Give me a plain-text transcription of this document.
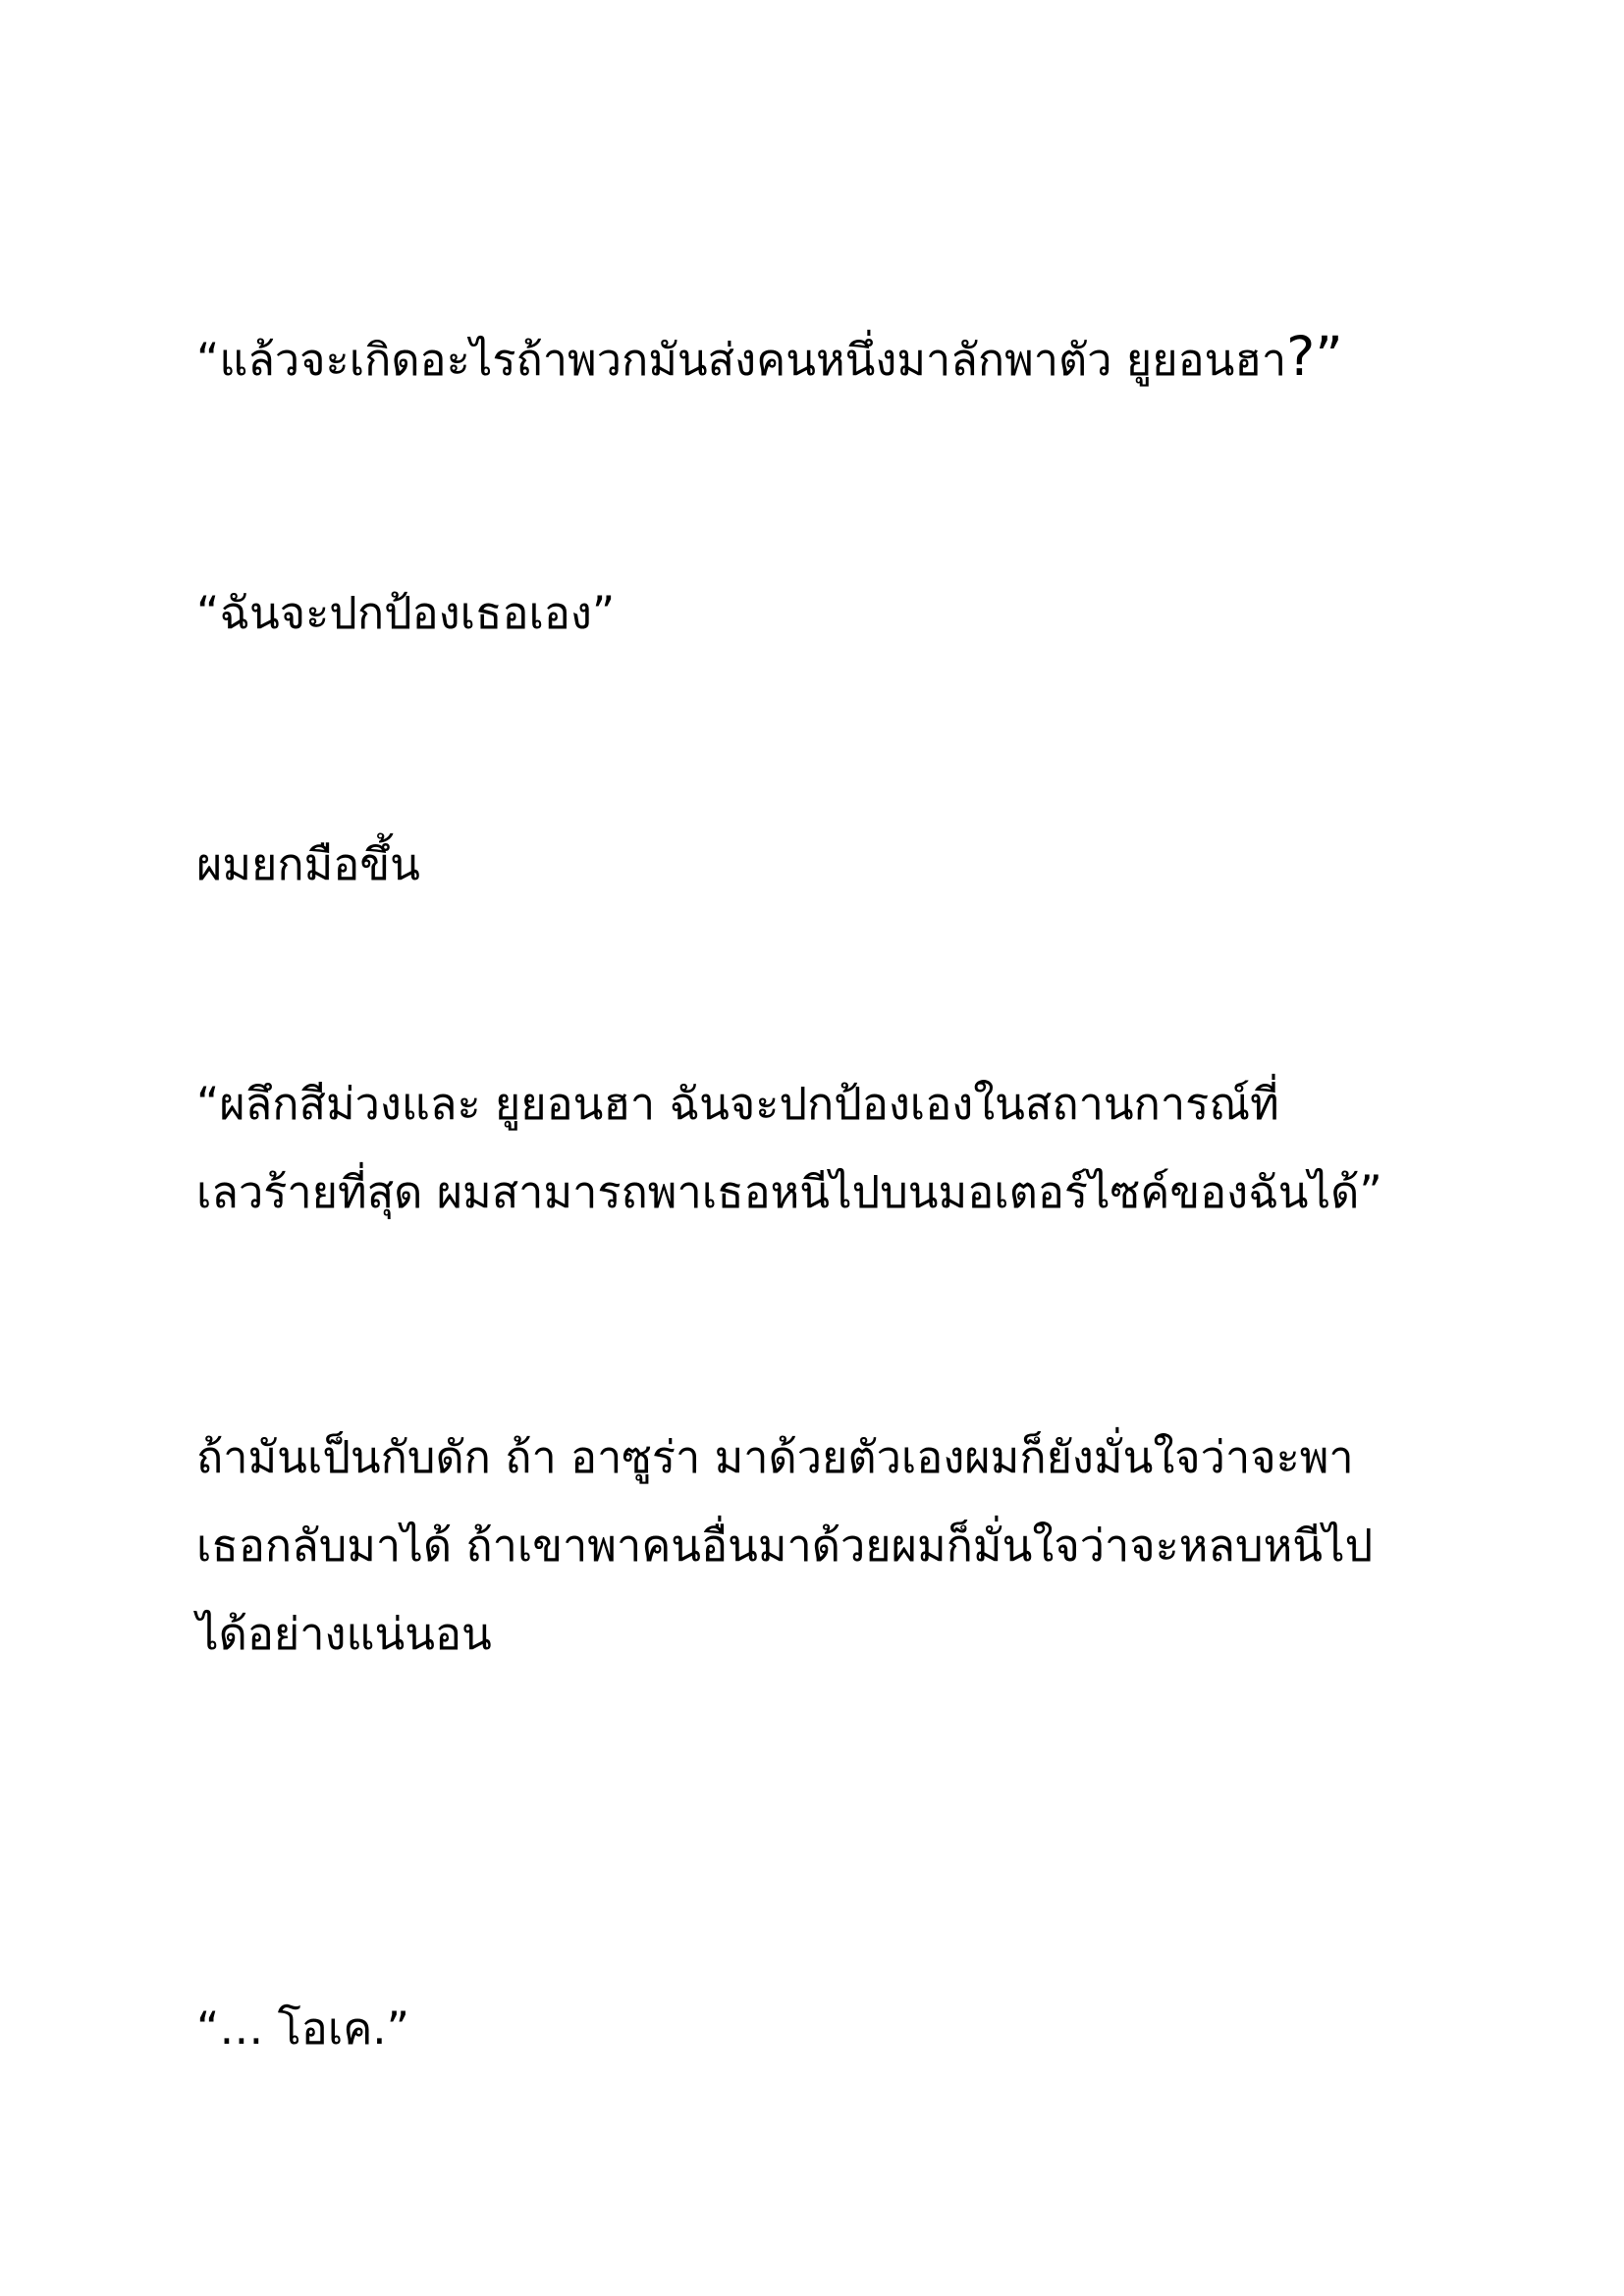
“แล้วจะเกิดอะไรถ้าพวกมันส่งคนหนึ่งมาลักพาตัว ยูยอนฮา?”

“ฉันจะปกป้องเธอเอง”

ผมยกมือขึ้น

“ผลึกสีม่วงและ ยูยอนฮา ฉันจะปกป้องเองในสถานการณ์ที่
เลวร้ายที่สุด ผมสามารถพาเธอหนีไปบนมอเตอร์ไซค์ของฉันได้”

ถ้ามันเป็นกับดัก ถ้า อาซูร่า มาด้วยตัวเองผมก็ยังมั่นใจว่าจะพา
เธอกลับมาได้ ถ้าเขาพาคนอื่นมาด้วยผมก็มั่นใจว่าจะหลบหนีไป
ได้อย่างแน่นอน

“… โอเค.”
